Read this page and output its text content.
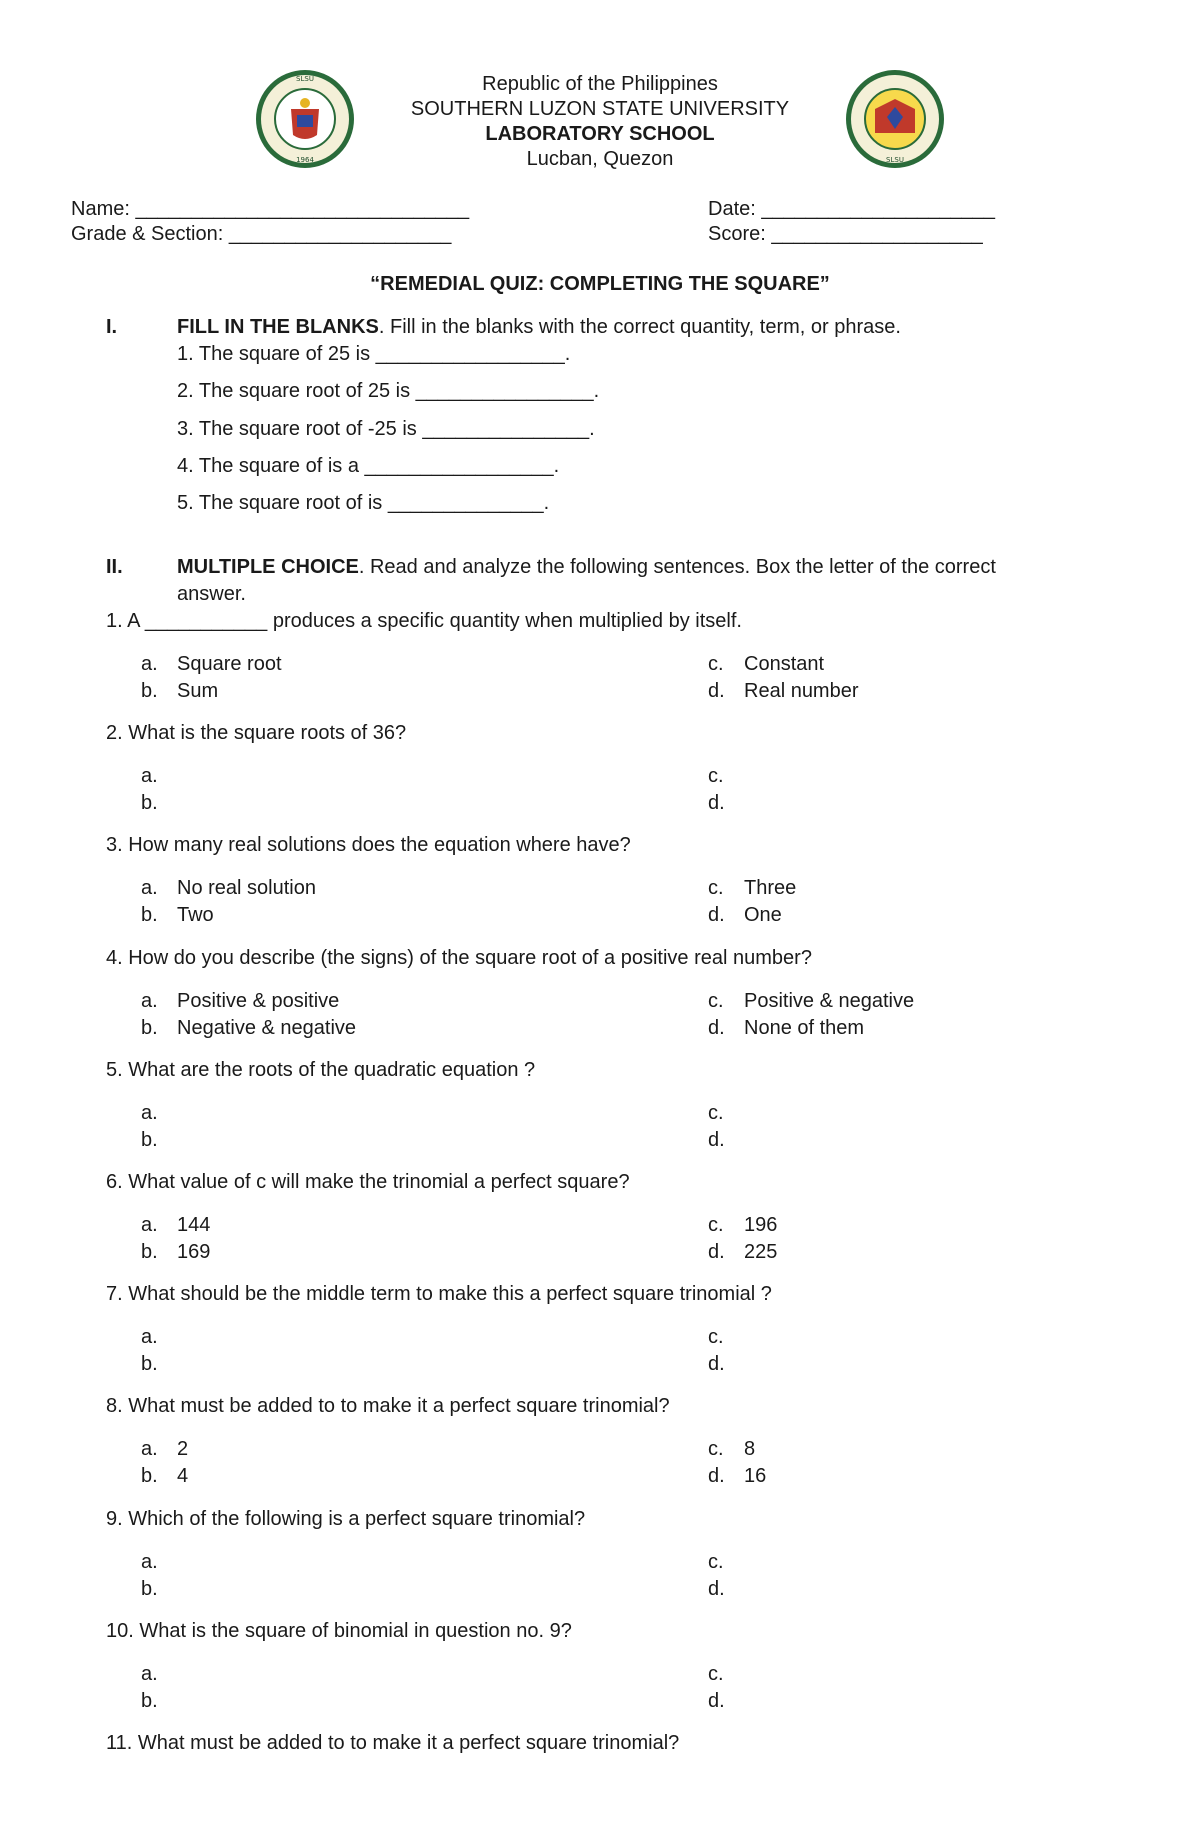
SLSU
1964	SLSU
Republic of the Philippines
SOUTHERN LUZON STATE UNIVERSITY
LABORATORY SCHOOL
Lucban, Quezon
Name: ______________________________
Grade & Section: ____________________
Date: _____________________
Score: ___________________
“REMEDIAL QUIZ: COMPLETING THE SQUARE”
I.	FILL IN THE BLANKS. Fill in the blanks with the correct quantity, term, or phrase.
1. The square of 25 is _________________.
2. The square root of 25 is ________________.
3. The square root of -25 is _______________.
4. The square of is a _________________.
5. The square root of is ______________.
II.	MULTIPLE CHOICE. Read and analyze the following sentences. Box the letter of the correct
answer.
1. A ___________ produces a specific quantity when multiplied by itself.
a. Square root
b. Sum
c. Constant
d. Real number
2. What is the square roots of 36?
a.
b.
c.
d.
3. How many real solutions does the equation where have?
a. No real solution
b. Two
c. Three
d. One
4. How do you describe (the signs) of the square root of a positive real number?
a. Positive & positive
b. Negative & negative
c. Positive & negative
d. None of them
5. What are the roots of the quadratic equation ?
a.
b.
c.
d.
6. What value of c will make the trinomial a perfect square?
a. 144
b. 169
c. 196
d. 225
7. What should be the middle term to make this a perfect square trinomial ?
a.
b.
c.
d.
8. What must be added to to make it a perfect square trinomial?
a. 2
b. 4
c. 8
d. 16
9. Which of the following is a perfect square trinomial?
a.
b.
c.
d.
10. What is the square of binomial in question no. 9?
a.
b.
c.
d.
11. What must be added to to make it a perfect square trinomial?
